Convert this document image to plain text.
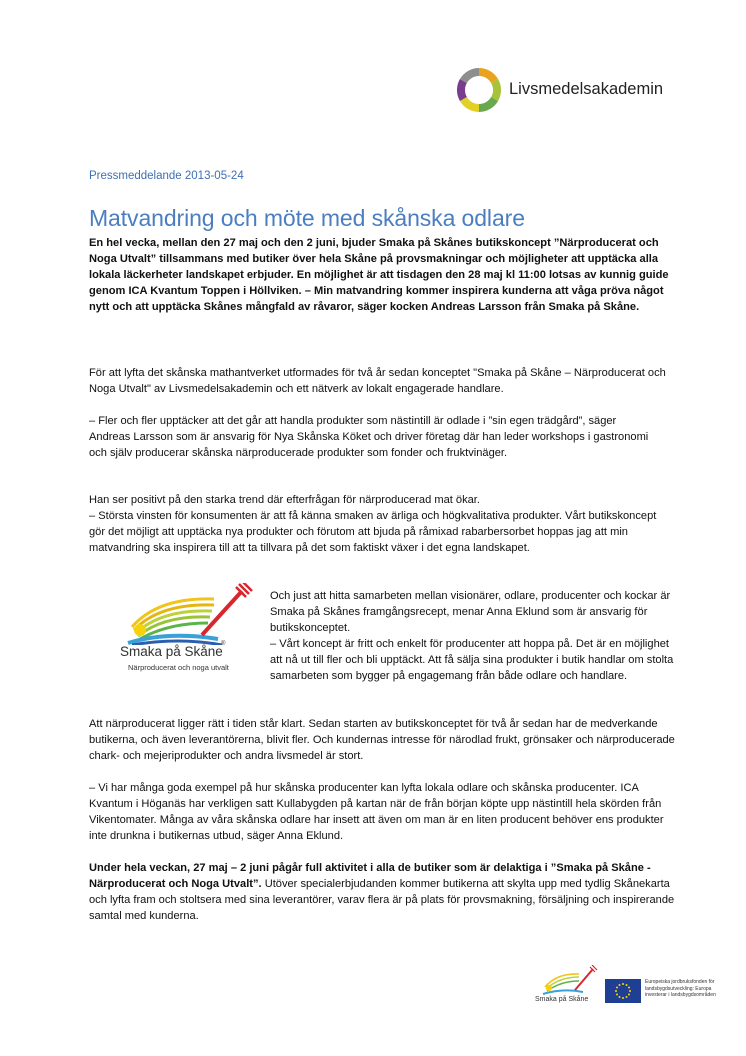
Livsmedelsakademin
Pressmeddelande 2013-05-24
Matvandring och möte med skånska odlare

En hel vecka, mellan den 27 maj och den 2 juni, bjuder Smaka på Skånes butikskoncept ”Närproducerat och Noga Utvalt” tillsammans med butiker över hela Skåne på provsmakningar och möjligheter att upptäcka alla lokala läckerheter landskapet erbjuder. En möjlighet är att tisdagen den 28 maj kl 11:00 lotsas av kunnig guide genom ICA Kvantum Toppen i Höllviken. – Min matvandring kommer inspirera kunderna att våga pröva något nytt och att upptäcka Skånes mångfald av råvaror, säger kocken Andreas Larsson från Smaka på Skåne.

För att lyfta det skånska mathantverket utformades för två år sedan konceptet "Smaka på Skåne – Närproducerat och Noga Utvalt" av Livsmedelsakademin och ett nätverk av lokalt engagerade handlare.

– Fler och fler upptäcker att det går att handla produkter som nästintill är odlade i ”sin egen trädgård”, säger Andreas Larsson som är ansvarig för Nya Skånska Köket och driver företag där han leder workshops i gastronomi och själv producerar skånska närproducerade produkter som fonder och fruktvinäger.

Han ser positivt på den starka trend där efterfrågan för närproducerad mat ökar.

– Största vinsten för konsumenten är att få känna smaken av ärliga och högkvalitativa produkter. Vårt butikskoncept gör det möjligt att upptäcka nya produkter och förutom att bjuda på råmixad rabarbersorbet hoppas jag att min matvandring ska inspirera till att ta tillvara på det som faktiskt växer i det egna landskapet.

Smaka på Skåne
®
Närproducerat och noga utvalt

Och just att hitta samarbeten mellan visionärer, odlare, producenter och kockar är Smaka på Skånes framgångsrecept, menar Anna Eklund som är ansvarig för butikskonceptet.

– Vårt koncept är fritt och enkelt för producenter att hoppa på. Det är en möjlighet att nå ut till fler och bli upptäckt. Att få sälja sina produkter i butik handlar om stolta samarbeten som bygger på engagemang från både odlare och handlare.

Att närproducerat ligger rätt i tiden står klart. Sedan starten av butikskonceptet för två år sedan har de medverkande butikerna, och även leverantörerna, blivit fler. Och kundernas intresse för närodlad frukt, grönsaker och närproducerade chark- och mejeriprodukter och andra livsmedel är stort.

– Vi har många goda exempel på hur skånska producenter kan lyfta lokala odlare och skånska producenter. ICA Kvantum i Höganäs har verkligen satt Kullabygden på kartan när de från början köpte upp nästintill hela skörden från Vikentomater. Många av våra skånska odlare har insett att även om man är en liten producent behöver ens produkter inte drunkna i butikernas utbud, säger Anna Eklund.

Under hela veckan, 27 maj – 2 juni pågår full aktivitet i alla de butiker som är delaktiga i ”Smaka på Skåne -Närproducerat och Noga Utvalt”. Utöver specialerbjudanden kommer butikerna att skylta upp med tydlig Skånekarta och lyfta fram och stoltsera med sina leverantörer, varav flera är på plats för provsmakning, försäljning och inspirerande samtal med kunderna.

Smaka på Skåne
Europeiska jordbruksfonden för landsbygdsutveckling: Europa investerar i landsbygdsområden
